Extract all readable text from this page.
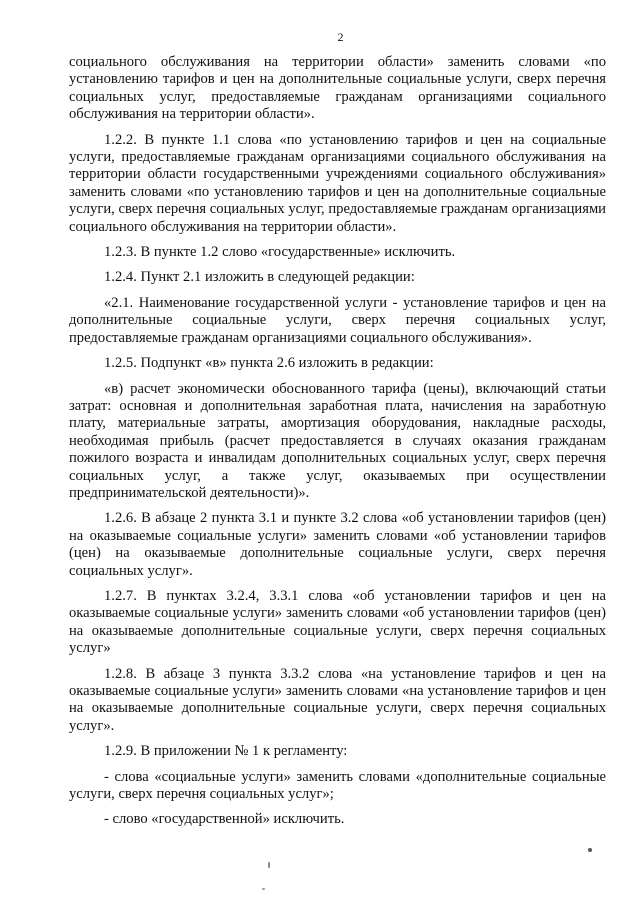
2

социального обслуживания на территории области» заменить словами «по установлению тарифов и цен на дополнительные социальные услуги, сверх перечня социальных услуг, предоставляемые гражданам организациями социального обслуживания на территории области».

1.2.2. В пункте 1.1 слова «по установлению тарифов и цен на социальные услуги, предоставляемые гражданам организациями социального обслуживания на территории области государственными учреждениями социального обслуживания» заменить словами «по установлению тарифов и цен на дополнительные социальные услуги, сверх перечня социальных услуг, предоставляемые гражданам организациями социального обслуживания на территории области».

1.2.3. В пункте 1.2 слово «государственные» исключить.

1.2.4. Пункт 2.1 изложить в следующей редакции:

«2.1. Наименование государственной услуги - установление тарифов и цен на дополнительные социальные услуги, сверх перечня социальных услуг, предоставляемые гражданам организациями социального обслуживания».

1.2.5. Подпункт «в» пункта 2.6 изложить в редакции:

«в) расчет экономически обоснованного тарифа (цены), включающий статьи затрат: основная и дополнительная заработная плата, начисления на заработную плату, материальные затраты, амортизация оборудования, накладные расходы, необходимая прибыль (расчет предоставляется в случаях оказания гражданам пожилого возраста и инвалидам дополнительных социальных услуг, сверх перечня социальных услуг, а также услуг, оказываемых при осуществлении предпринимательской деятельности)».

1.2.6. В абзаце 2 пункта 3.1 и пункте 3.2 слова «об установлении тарифов (цен) на оказываемые социальные услуги» заменить словами «об установлении тарифов (цен) на оказываемые дополнительные социальные услуги, сверх перечня социальных услуг».

1.2.7. В пунктах 3.2.4, 3.3.1 слова «об установлении тарифов и цен на оказываемые социальные услуги» заменить словами «об установлении тарифов (цен) на оказываемые дополнительные социальные услуги, сверх перечня социальных услуг»

1.2.8. В абзаце 3 пункта 3.3.2 слова «на установление тарифов и цен на оказываемые социальные услуги» заменить словами «на установление тарифов и цен на оказываемые дополнительные социальные услуги, сверх перечня социальных услуг».

1.2.9. В приложении № 1 к регламенту:

- слова «социальные услуги» заменить словами «дополнительные социальные услуги, сверх перечня социальных услуг»;

- слово «государственной» исключить.
